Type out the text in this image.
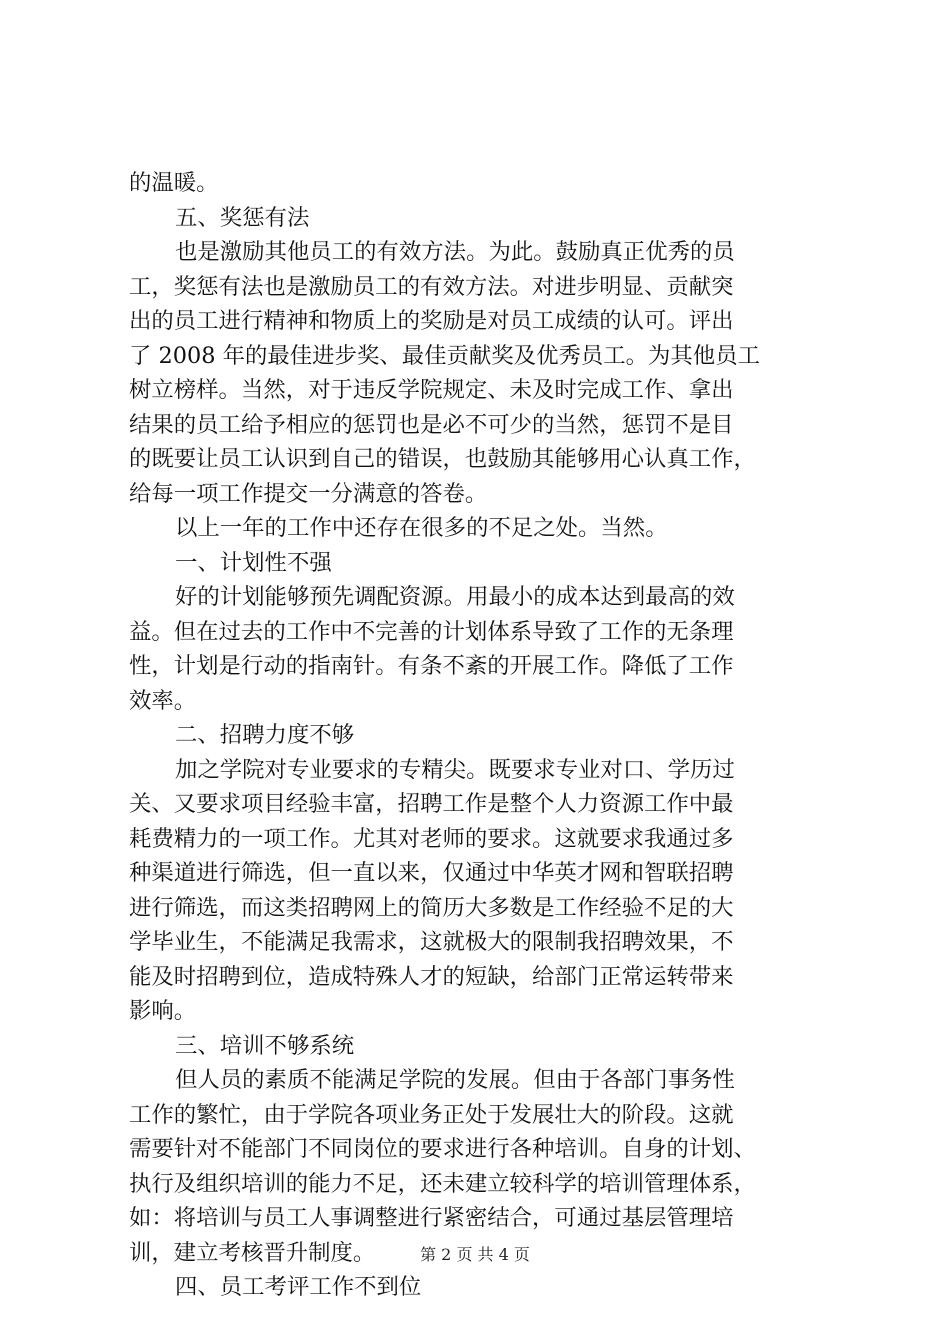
的温暖。
五、奖惩有法
也是激励其他员工的有效方法。为此。鼓励真正优秀的员
工，奖惩有法也是激励员工的有效方法。对进步明显、贡献突
出的员工进行精神和物质上的奖励是对员工成绩的认可。评出
了 2008 年的最佳进步奖、最佳贡献奖及优秀员工。为其他员工
树立榜样。当然，对于违反学院规定、未及时完成工作、拿出
结果的员工给予相应的惩罚也是必不可少的当然，惩罚不是目
的既要让员工认识到自己的错误，也鼓励其能够用心认真工作，
给每一项工作提交一分满意的答卷。
以上一年的工作中还存在很多的不足之处。当然。
一、计划性不强
好的计划能够预先调配资源。用最小的成本达到最高的效
益。但在过去的工作中不完善的计划体系导致了工作的无条理
性，计划是行动的指南针。有条不紊的开展工作。降低了工作
效率。
二、招聘力度不够
加之学院对专业要求的专精尖。既要求专业对口、学历过
关、又要求项目经验丰富，招聘工作是整个人力资源工作中最
耗费精力的一项工作。尤其对老师的要求。这就要求我通过多
种渠道进行筛选，但一直以来，仅通过中华英才网和智联招聘
进行筛选，而这类招聘网上的简历大多数是工作经验不足的大
学毕业生，不能满足我需求，这就极大的限制我招聘效果，不
能及时招聘到位，造成特殊人才的短缺，给部门正常运转带来
影响。
三、培训不够系统
但人员的素质不能满足学院的发展。但由于各部门事务性
工作的繁忙，由于学院各项业务正处于发展壮大的阶段。这就
需要针对不能部门不同岗位的要求进行各种培训。自身的计划、
执行及组织培训的能力不足，还未建立较科学的培训管理体系，
如：将培训与员工人事调整进行紧密结合，可通过基层管理培
训，建立考核晋升制度。
四、员工考评工作不到位
第 2 页 共 4 页
